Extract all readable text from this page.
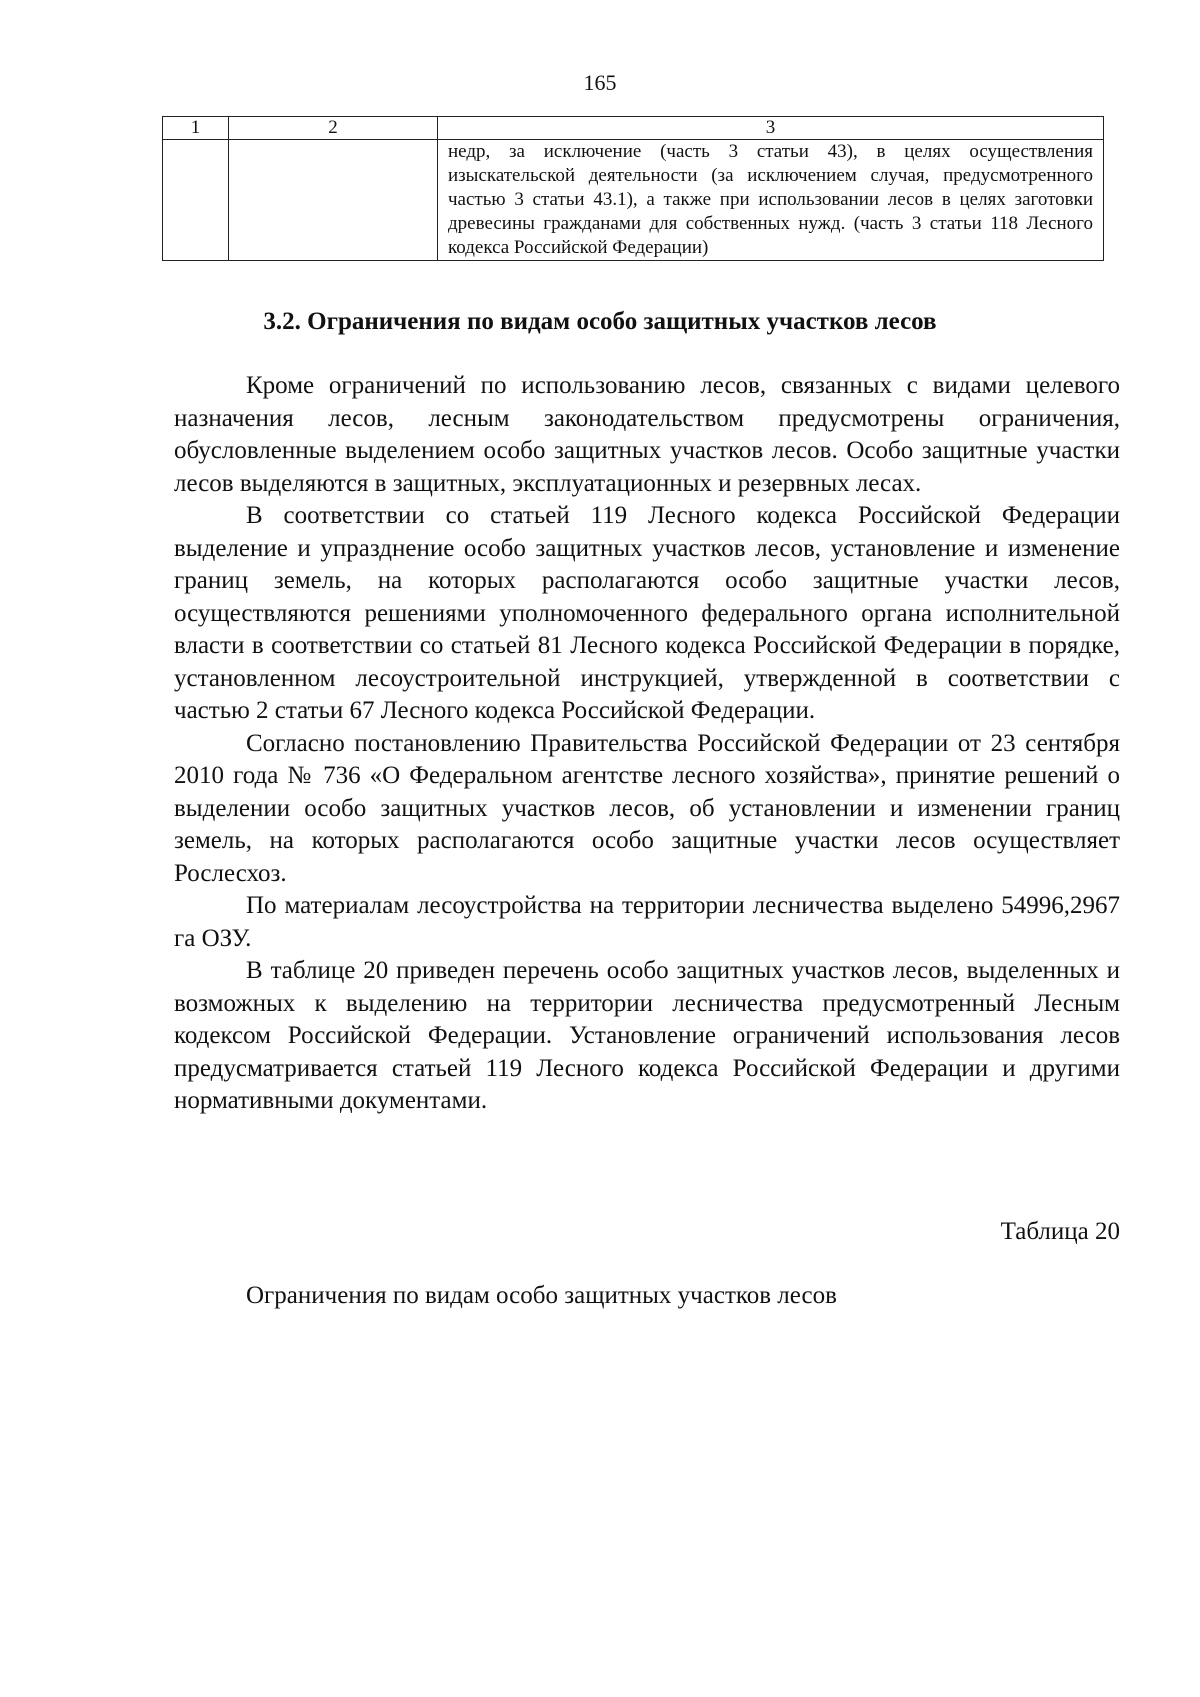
165
1	2	3
		недр, за исключение (часть 3 статьи 43), в целях осуществления изыскательской деятельности (за исключением случая, предусмотренного частью 3 статьи 43.1), а также при использовании лесов в целях заготовки древесины гражданами для собственных нужд. (часть 3 статьи 118 Лесного кодекса Российской Федерации)
3.2. Ограничения по видам особо защитных участков лесов

Кроме ограничений по использованию лесов, связанных с видами целевого назначения лесов, лесным законодательством предусмотрены ограничения, обусловленные выделением особо защитных участков лесов. Особо защитные участки лесов выделяются в защитных, эксплуатационных и резервных лесах.

В соответствии со статьей 119 Лесного кодекса Российской Федерации выделение и упразднение особо защитных участков лесов, установление и изменение границ земель, на которых располагаются особо защитные участки лесов, осуществляются решениями уполномоченного федерального органа исполнительной власти в соответствии со статьей 81 Лесного кодекса Российской Федерации в порядке, установленном лесоустроительной инструкцией, утвержденной в соответствии с частью 2 статьи 67 Лесного кодекса Российской Федерации.

Согласно постановлению Правительства Российской Федерации от 23 сентября 2010 года № 736 «О Федеральном агентстве лесного хозяйства», принятие решений о выделении особо защитных участков лесов, об установлении и изменении границ земель, на которых располагаются особо защитные участки лесов осуществляет Рослесхоз.

По материалам лесоустройства на территории лесничества выделено 54996,2967 га ОЗУ.

В таблице 20 приведен перечень особо защитных участков лесов, выделенных и возможных к выделению на территории лесничества предусмотренный Лесным кодексом Российской Федерации. Установление ограничений использования лесов предусматривается статьей 119 Лесного кодекса Российской Федерации и другими нормативными документами.

Таблица 20
Ограничения по видам особо защитных участков лесов
